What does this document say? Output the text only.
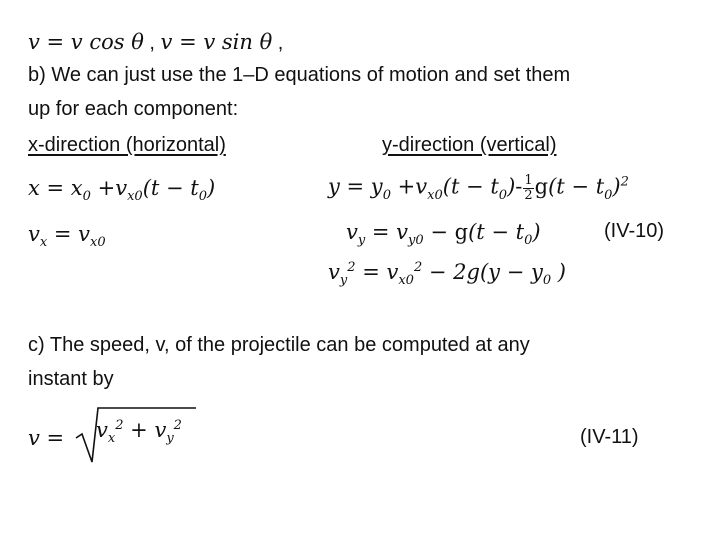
v = v cos θ , v = v sin θ ,
b) We can just use the 1–D equations of motion and set them
up for each component:
x-direction (horizontal)	y-direction (vertical)
$x = x_0 +v_{x0}(t - t_0)$
$v_x = v_{x0}$
$y = y_0 +v_{x0}(t - t_0)- \frac{1}{2} g(t - t_0)^2$
$v_y = v_{y0} - g(t - t_0)$
$v_y^2 = v_{x0}^2 - 2g(y - y_0$ )
(IV-10)
c) The speed, v, of the projectile can be computed at any
instant by
$v = v_x^2 + v_y^2$
(IV-11)
